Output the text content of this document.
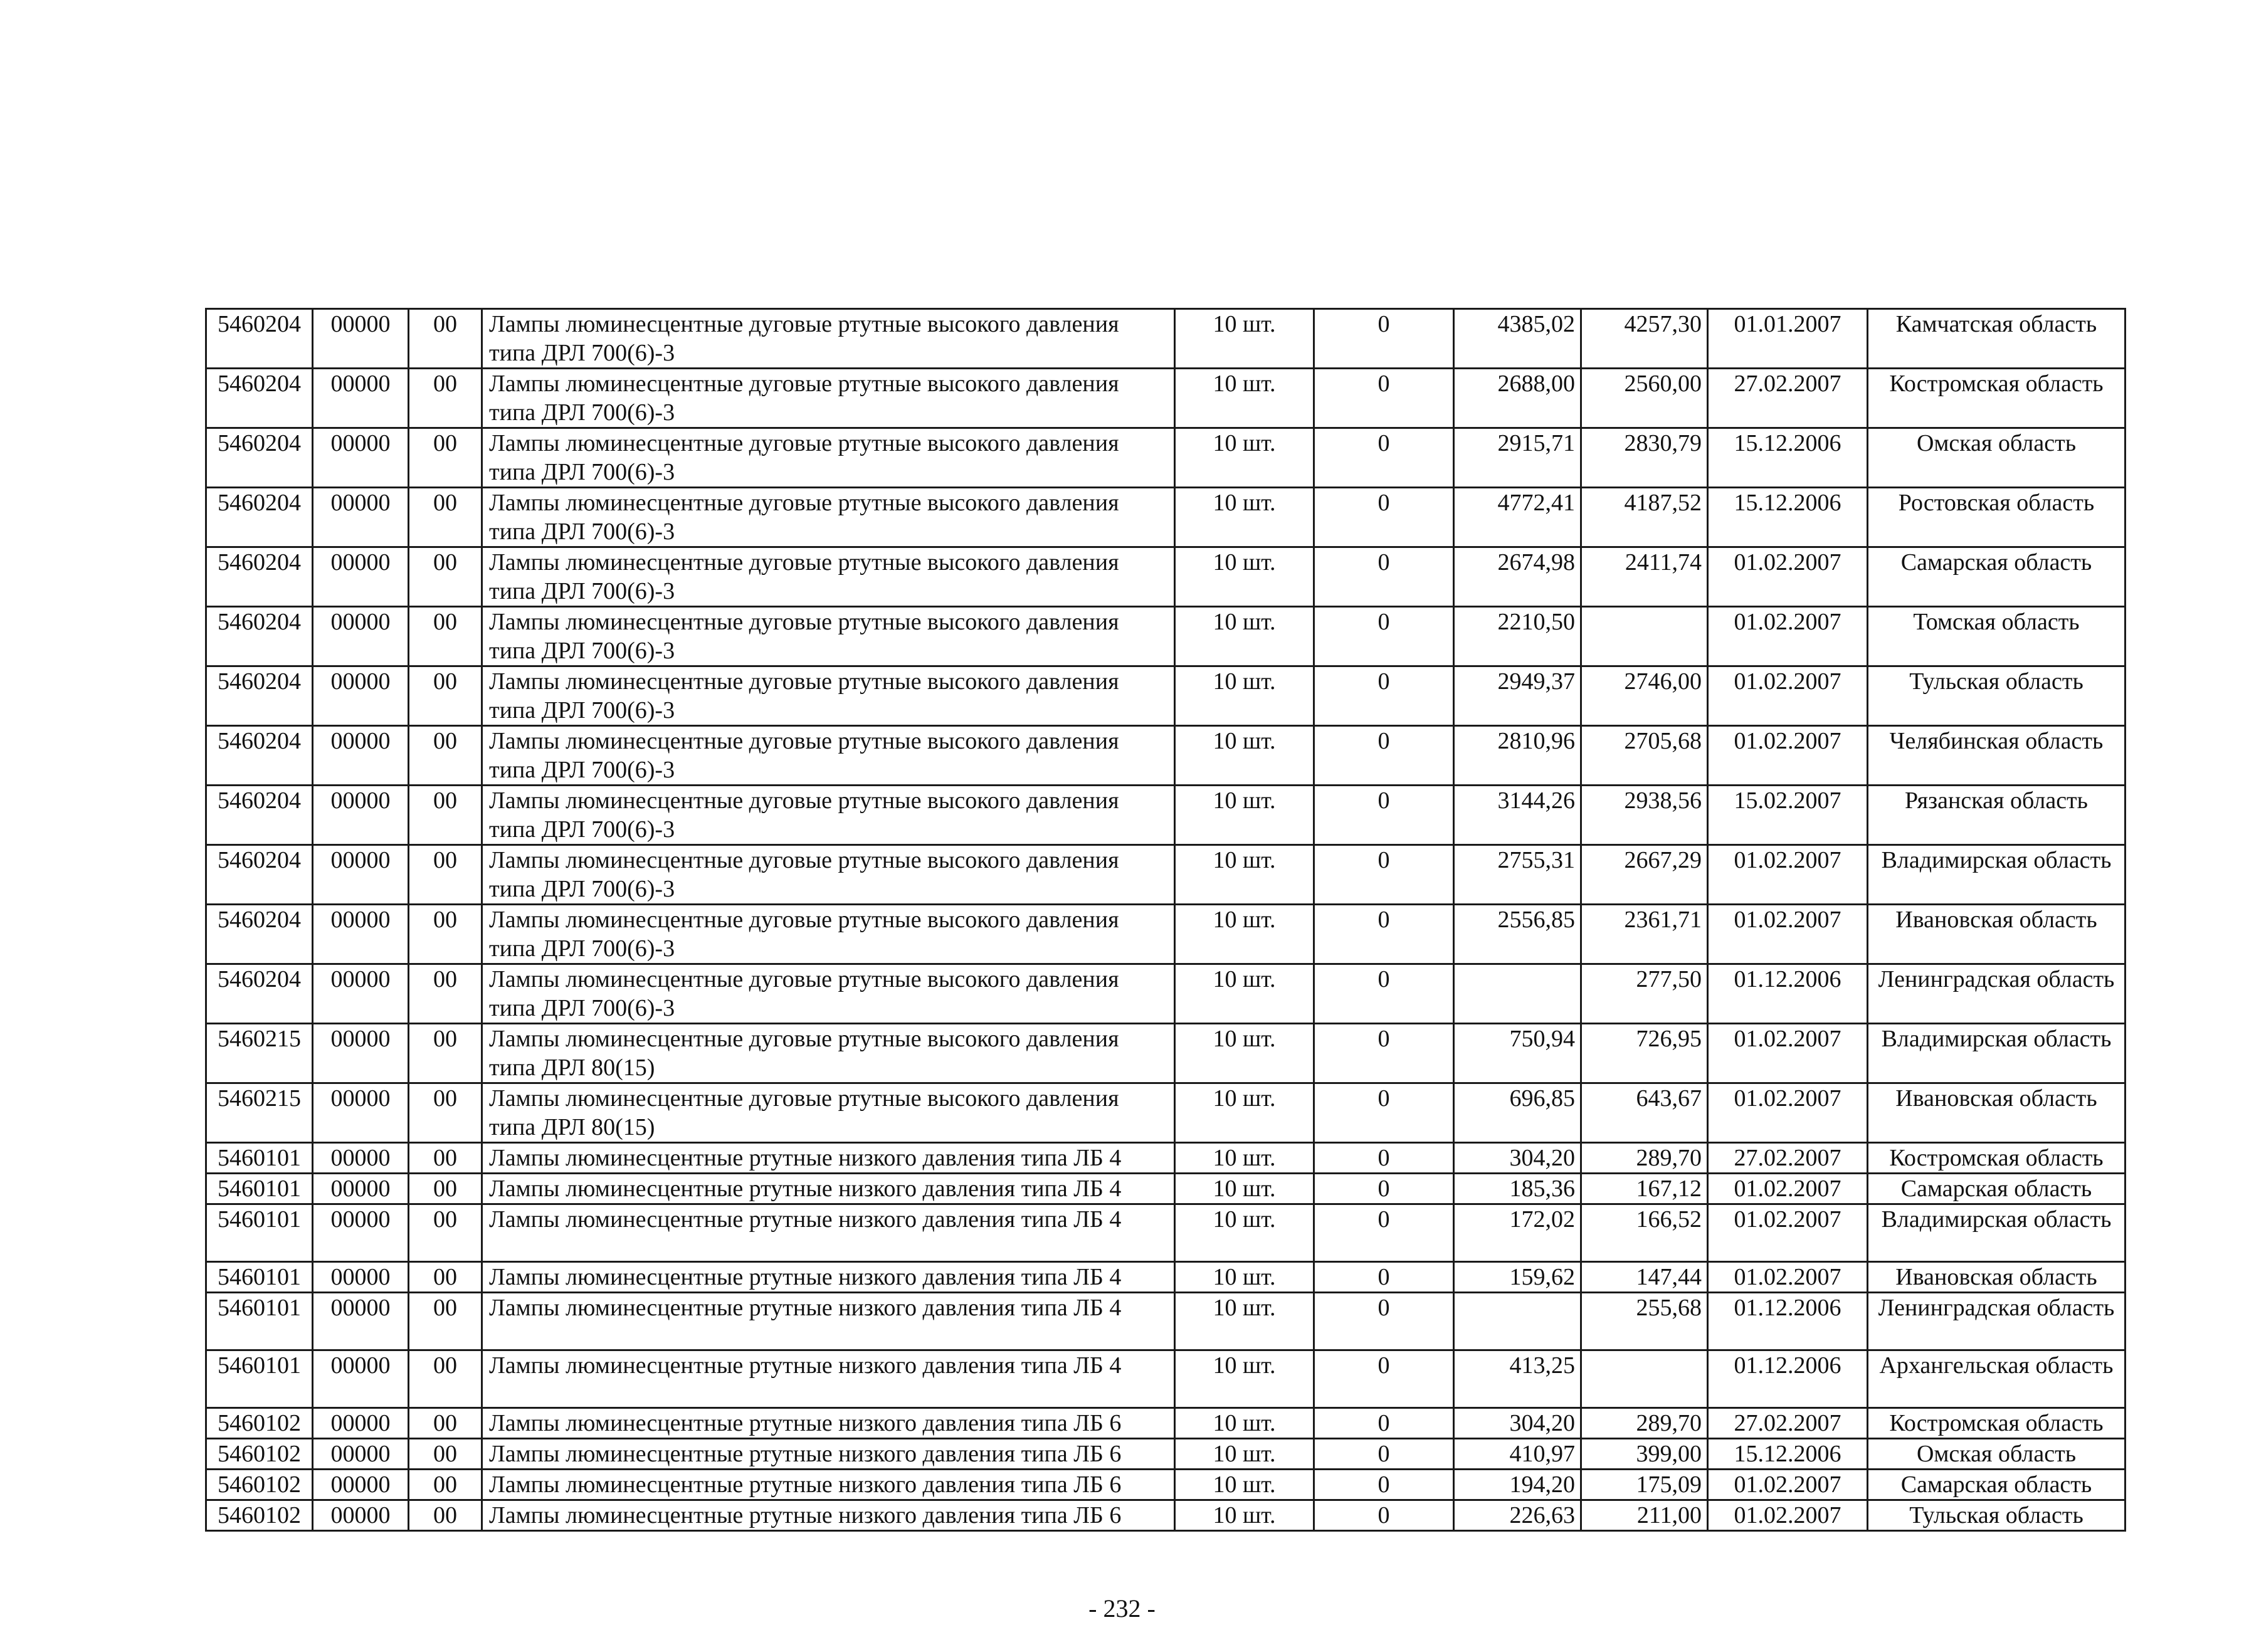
5460204	00000	00	Лампы люминесцентные дуговые ртутные высокого давления типа ДРЛ 700(6)-3	10 шт.	0	4385,02	4257,30	01.01.2007	Камчатская область
5460204	00000	00	Лампы люминесцентные дуговые ртутные высокого давления типа ДРЛ 700(6)-3	10 шт.	0	2688,00	2560,00	27.02.2007	Костромская область
5460204	00000	00	Лампы люминесцентные дуговые ртутные высокого давления типа ДРЛ 700(6)-3	10 шт.	0	2915,71	2830,79	15.12.2006	Омская область
5460204	00000	00	Лампы люминесцентные дуговые ртутные высокого давления типа ДРЛ 700(6)-3	10 шт.	0	4772,41	4187,52	15.12.2006	Ростовская область
5460204	00000	00	Лампы люминесцентные дуговые ртутные высокого давления типа ДРЛ 700(6)-3	10 шт.	0	2674,98	2411,74	01.02.2007	Самарская область
5460204	00000	00	Лампы люминесцентные дуговые ртутные высокого давления типа ДРЛ 700(6)-3	10 шт.	0	2210,50		01.02.2007	Томская область
5460204	00000	00	Лампы люминесцентные дуговые ртутные высокого давления типа ДРЛ 700(6)-3	10 шт.	0	2949,37	2746,00	01.02.2007	Тульская область
5460204	00000	00	Лампы люминесцентные дуговые ртутные высокого давления типа ДРЛ 700(6)-3	10 шт.	0	2810,96	2705,68	01.02.2007	Челябинская область
5460204	00000	00	Лампы люминесцентные дуговые ртутные высокого давления типа ДРЛ 700(6)-3	10 шт.	0	3144,26	2938,56	15.02.2007	Рязанская область
5460204	00000	00	Лампы люминесцентные дуговые ртутные высокого давления типа ДРЛ 700(6)-3	10 шт.	0	2755,31	2667,29	01.02.2007	Владимирская область
5460204	00000	00	Лампы люминесцентные дуговые ртутные высокого давления типа ДРЛ 700(6)-3	10 шт.	0	2556,85	2361,71	01.02.2007	Ивановская область
5460204	00000	00	Лампы люминесцентные дуговые ртутные высокого давления типа ДРЛ 700(6)-3	10 шт.	0		277,50	01.12.2006	Ленинградская область
5460215	00000	00	Лампы люминесцентные дуговые ртутные высокого давления типа ДРЛ 80(15)	10 шт.	0	750,94	726,95	01.02.2007	Владимирская область
5460215	00000	00	Лампы люминесцентные дуговые ртутные высокого давления типа ДРЛ 80(15)	10 шт.	0	696,85	643,67	01.02.2007	Ивановская область
5460101	00000	00	Лампы люминесцентные ртутные низкого давления типа ЛБ 4	10 шт.	0	304,20	289,70	27.02.2007	Костромская область
5460101	00000	00	Лампы люминесцентные ртутные низкого давления типа ЛБ 4	10 шт.	0	185,36	167,12	01.02.2007	Самарская область
5460101	00000	00	Лампы люминесцентные ртутные низкого давления типа ЛБ 4	10 шт.	0	172,02	166,52	01.02.2007	Владимирская область
5460101	00000	00	Лампы люминесцентные ртутные низкого давления типа ЛБ 4	10 шт.	0	159,62	147,44	01.02.2007	Ивановская область
5460101	00000	00	Лампы люминесцентные ртутные низкого давления типа ЛБ 4	10 шт.	0		255,68	01.12.2006	Ленинградская область
5460101	00000	00	Лампы люминесцентные ртутные низкого давления типа ЛБ 4	10 шт.	0	413,25		01.12.2006	Архангельская область
5460102	00000	00	Лампы люминесцентные ртутные низкого давления типа ЛБ 6	10 шт.	0	304,20	289,70	27.02.2007	Костромская область
5460102	00000	00	Лампы люминесцентные ртутные низкого давления типа ЛБ 6	10 шт.	0	410,97	399,00	15.12.2006	Омская область
5460102	00000	00	Лампы люминесцентные ртутные низкого давления типа ЛБ 6	10 шт.	0	194,20	175,09	01.02.2007	Самарская область
5460102	00000	00	Лампы люминесцентные ртутные низкого давления типа ЛБ 6	10 шт.	0	226,63	211,00	01.02.2007	Тульская область
- 232 -
